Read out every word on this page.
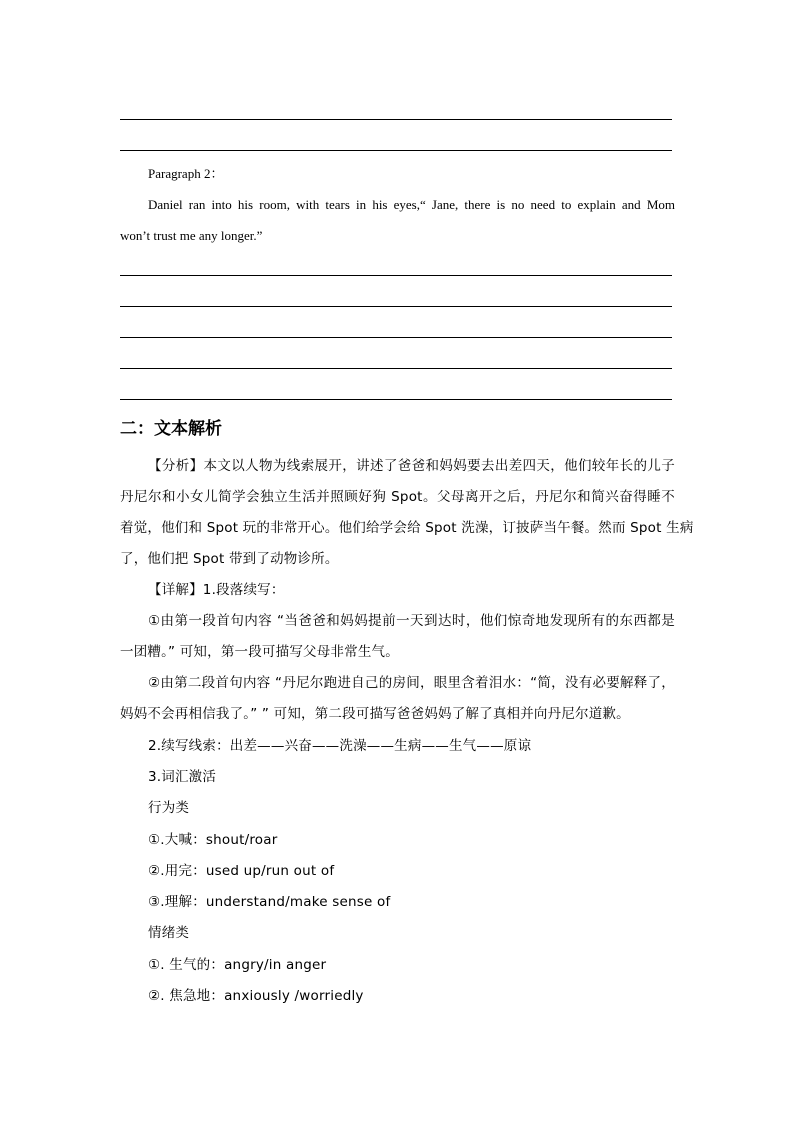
Paragraph 2：
Daniel ran into his room, with tears in his eyes,“ Jane, there is no need to explain and Mom
won’t trust me any longer.”
二：文本解析
【分析】本文以人物为线索展开，讲述了爸爸和妈妈要去出差四天，他们较年长的儿子
丹尼尔和小女儿简学会独立生活并照顾好狗 Spot。父母离开之后，丹尼尔和简兴奋得睡不
着觉，他们和 Spot 玩的非常开心。他们给学会给 Spot 洗澡，订披萨当午餐。然而 Spot 生病
了，他们把 Spot 带到了动物诊所。
【详解】1.段落续写：
①由第一段首句内容 “当爸爸和妈妈提前一天到达时，他们惊奇地发现所有的东西都是
一团糟。” 可知，第一段可描写父母非常生气。
②由第二段首句内容 “丹尼尔跑进自己的房间，眼里含着泪水：“简，没有必要解释了，
妈妈不会再相信我了。” ” 可知，第二段可描写爸爸妈妈了解了真相并向丹尼尔道歉。
2.续写线索：出差——兴奋——洗澡——生病——生气——原谅
3.词汇激活
行为类
①.大喊：shout/roar
②.用完：used up/run out of
③.理解：understand/make sense of
情绪类
①. 生气的：angry/in anger
②. 焦急地：anxiously /worriedly
